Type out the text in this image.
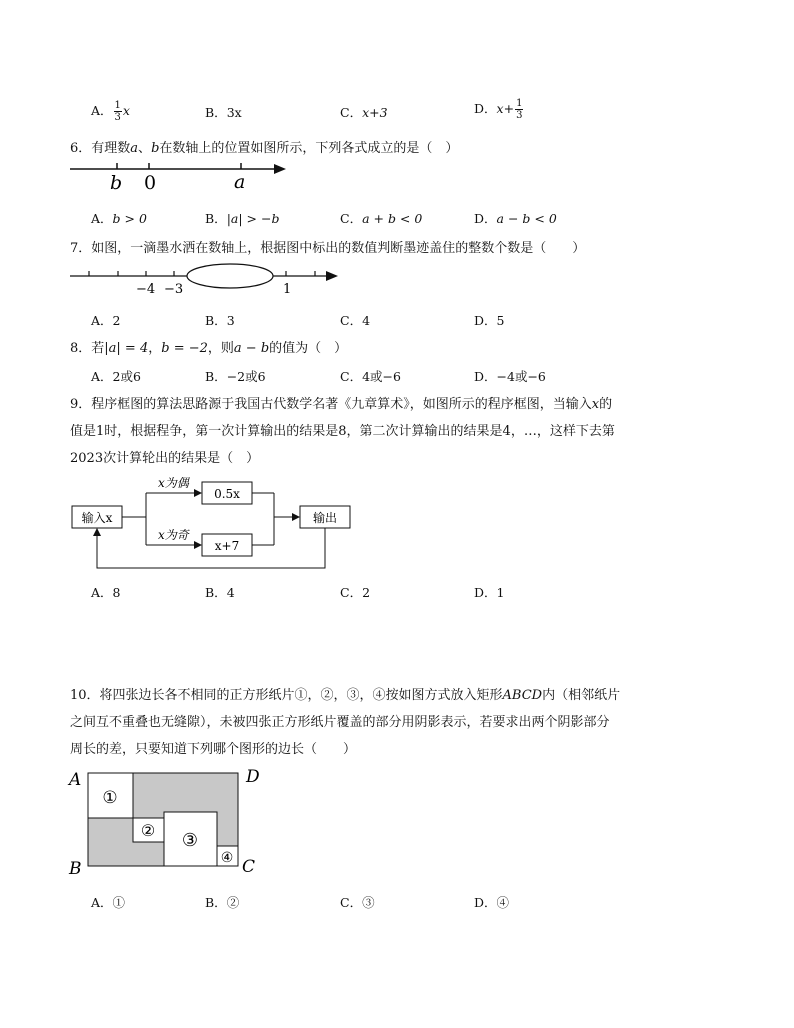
A． $\frac{1}{3}$ x	B．3x	C．x+3	D．$x+ \frac{1}{3}$
6．有理数a、b在数轴上的位置如图所示，下列各式成立的是（　）
b 0	a
A．b > 0	B．|a| > −b	C．a + b < 0	D．a − b < 0
7．如图，一滴墨水洒在数轴上，根据图中标出的数值判断墨迹盖住的整数个数是（　　）
−4 −3	1
A．2	B．3	C．4	D．5
8．若|a| = 4，b = −2，则a − b的值为（　）
A．2或6	B．−2或6	C．4或−6	D．−4或−6
9．程序框图的算法思路源于我国古代数学名著《九章算术》，如图所示的程序框图，当输入x的
值是1时，根据程争，第一次计算输出的结果是8，第二次计算输出的结果是4，…，这样下去第
2023次计算轮出的结果是（　）
输入x
0.5x
x+7
输出
x为偶
x为奇
A．8	B．4	C．2	D．1
10．将四张边长各不相同的正方形纸片①，②，③，④按如图方式放入矩形ABCD内（相邻纸片
之间互不重叠也无缝隙），未被四张正方形纸片覆盖的部分用阴影表示，若要求出两个阴影部分
周长的差，只要知道下列哪个图形的边长（　　）
①
② ③
④
A	D
B	C
A．①	B．②	C．③	D．④
